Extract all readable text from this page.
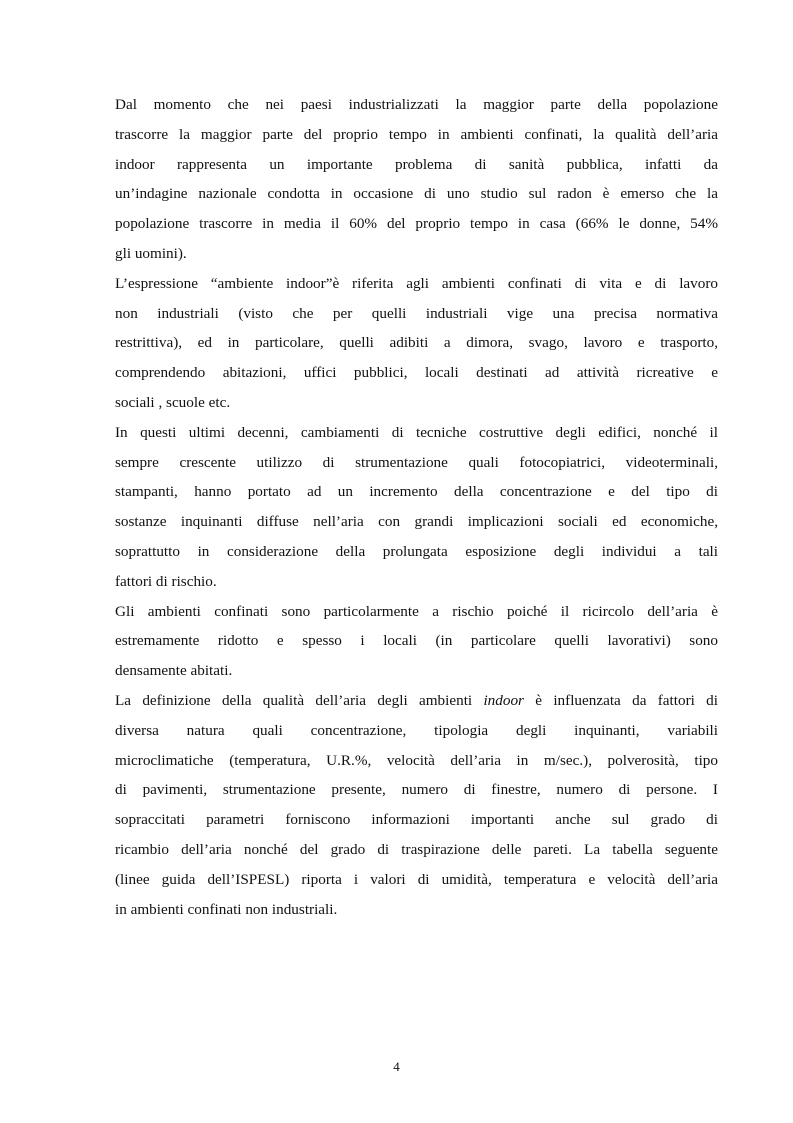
Dal momento che nei paesi industrializzati la maggior parte della popolazione
trascorre la maggior parte del proprio tempo in ambienti confinati, la qualità dell’aria
indoor rappresenta un importante problema di sanità pubblica, infatti da
un’indagine nazionale condotta in occasione di uno studio sul radon è emerso che la
popolazione trascorre in media il 60% del proprio tempo in casa (66% le donne, 54%
gli uomini).
L’espressione “ambiente indoor”è riferita agli ambienti confinati di vita e di lavoro
non industriali (visto che per quelli industriali vige una precisa normativa
restrittiva), ed in particolare, quelli adibiti a dimora, svago, lavoro e trasporto,
comprendendo abitazioni, uffici pubblici, locali destinati ad attività ricreative e
sociali , scuole etc.
In questi ultimi decenni, cambiamenti di tecniche costruttive degli edifici, nonché il
sempre crescente utilizzo di strumentazione quali fotocopiatrici, videoterminali,
stampanti, hanno portato ad un incremento della concentrazione e del tipo di
sostanze inquinanti diffuse nell’aria con grandi implicazioni sociali ed economiche,
soprattutto in considerazione della prolungata esposizione degli individui a tali
fattori di rischio.
Gli ambienti confinati sono particolarmente a rischio poiché il ricircolo dell’aria è
estremamente ridotto e spesso i locali (in particolare quelli lavorativi) sono
densamente abitati.
La definizione della qualità dell’aria degli ambienti indoor è influenzata da fattori di
diversa natura quali concentrazione, tipologia degli inquinanti, variabili
microclimatiche (temperatura, U.R.%, velocità dell’aria in m/sec.), polverosità, tipo
di pavimenti, strumentazione presente, numero di finestre, numero di persone. I
sopraccitati parametri forniscono informazioni importanti anche sul grado di
ricambio dell’aria nonché del grado di traspirazione delle pareti. La tabella seguente
(linee guida dell’ISPESL) riporta i valori di umidità, temperatura e velocità dell’aria
in ambienti confinati non industriali.
4
